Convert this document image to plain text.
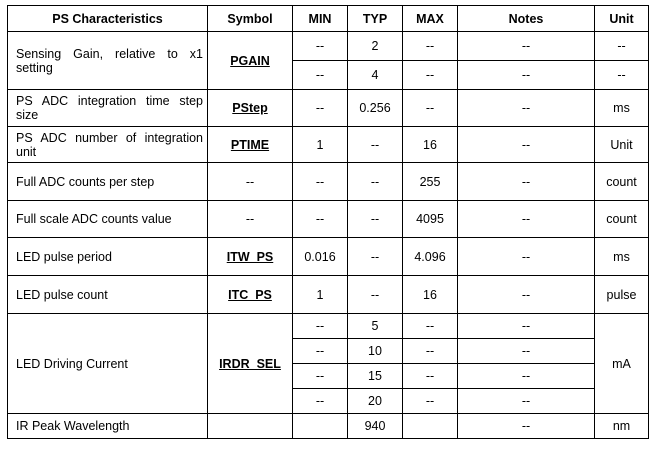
PS Characteristics	Symbol	MIN	TYP	MAX	Notes	Unit
Sensing Gain, relative to x1 setting	PGAIN	--	2	--	--	--
		--	4	--	--	--
PS ADC integration time step size	PStep	--	0.256	--	--	ms
PS ADC number of integration unit	PTIME	1	--	16	--	Unit
Full ADC counts per step	--	--	--	255	--	count
Full scale ADC counts value	--	--	--	4095	--	count
LED pulse period	ITW_PS	0.016	--	4.096	--	ms
LED pulse count	ITC_PS	1	--	16	--	pulse
LED Driving Current	IRDR_SEL	--	5	--	--	mA
		--	10	--	--	
		--	15	--	--	
		--	20	--	--	
IR Peak Wavelength			940		--	nm
